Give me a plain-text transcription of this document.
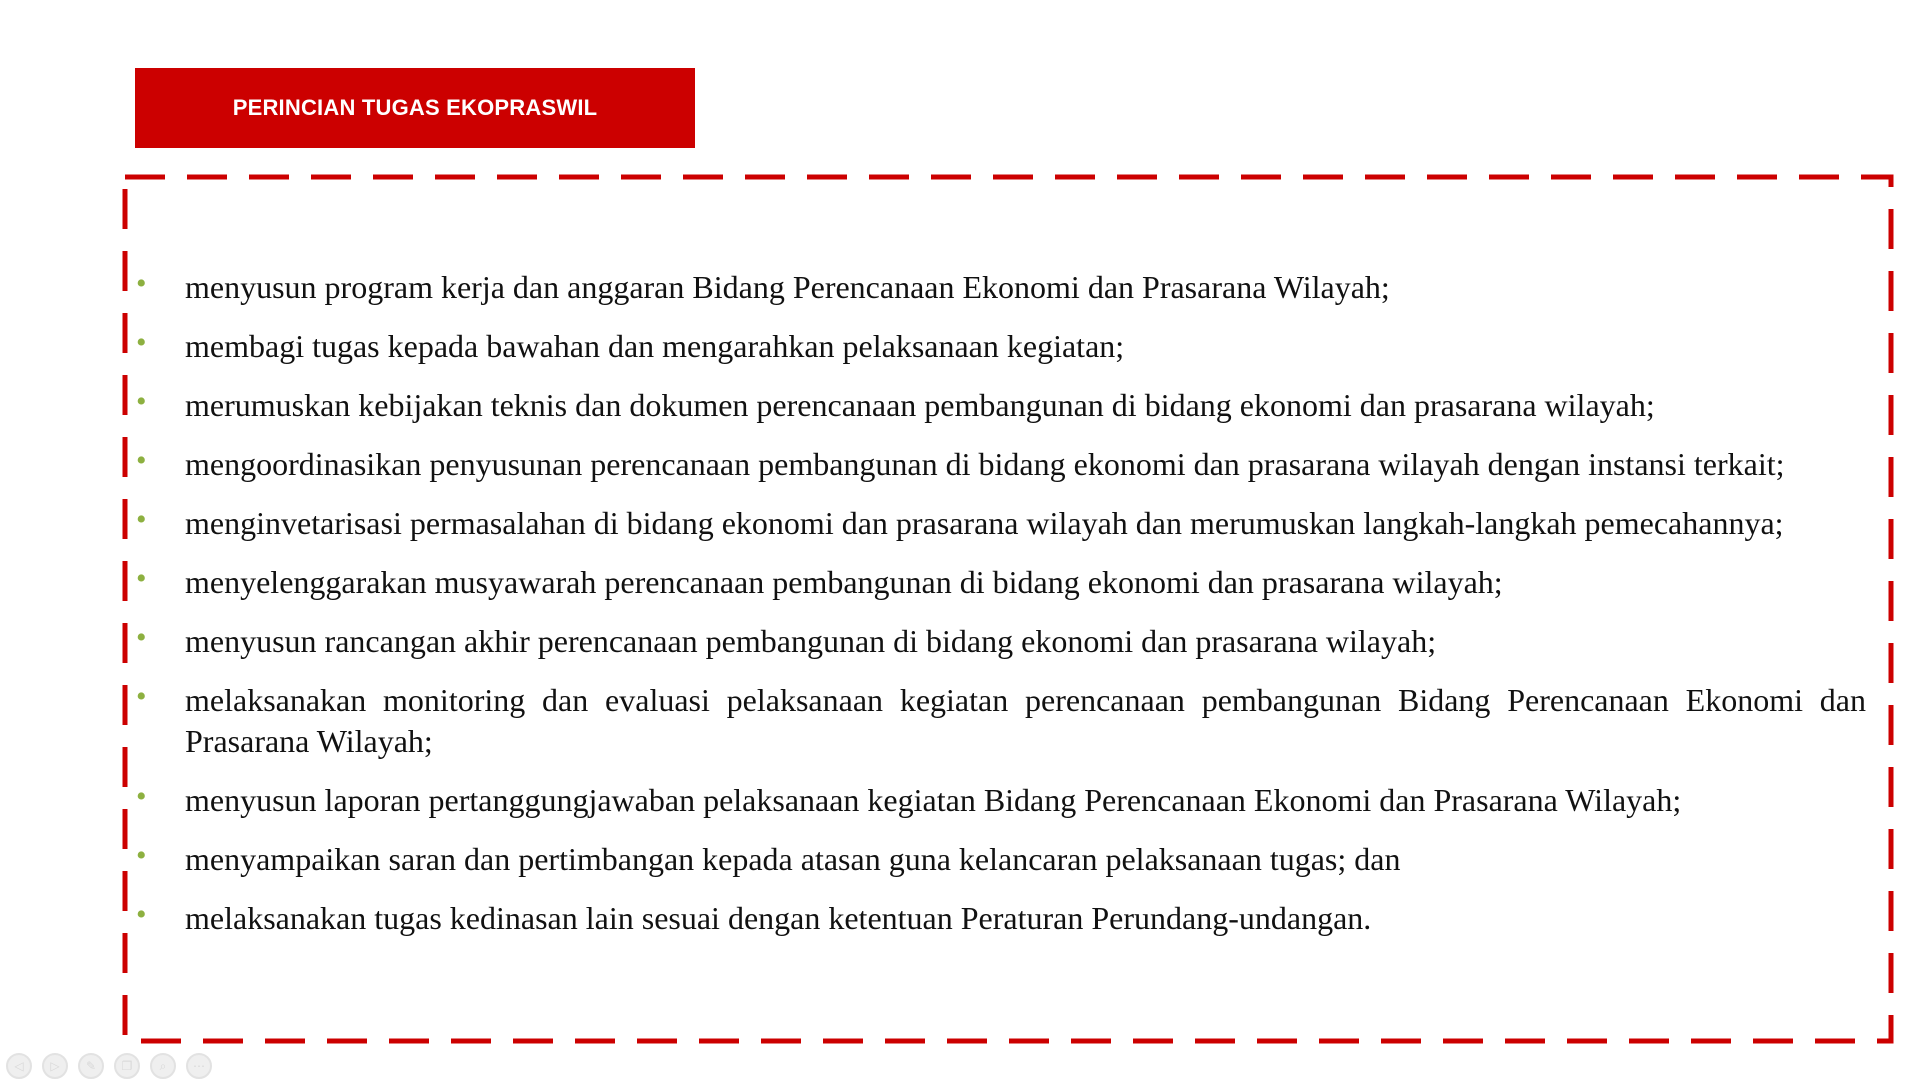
PERINCIAN TUGAS EKOPRASWIL
• menyusun program kerja dan anggaran Bidang Perencanaan Ekonomi dan Prasarana Wilayah;
• membagi tugas kepada bawahan dan mengarahkan pelaksanaan kegiatan;
• merumuskan kebijakan teknis dan dokumen perencanaan pembangunan di bidang ekonomi dan prasarana wilayah;
• mengoordinasikan penyusunan perencanaan pembangunan di bidang ekonomi dan prasarana wilayah dengan instansi terkait;
• menginvetarisasi permasalahan di bidang ekonomi dan prasarana wilayah dan merumuskan langkah-langkah pemecahannya;
• menyelenggarakan musyawarah perencanaan pembangunan di bidang ekonomi dan prasarana wilayah;
• menyusun rancangan akhir perencanaan pembangunan di bidang ekonomi dan prasarana wilayah;
• melaksanakan monitoring dan evaluasi pelaksanaan kegiatan perencanaan pembangunan Bidang Perencanaan Ekonomi dan Prasarana Wilayah;
• menyusun laporan pertanggungjawaban pelaksanaan kegiatan Bidang Perencanaan Ekonomi dan Prasarana Wilayah;
• menyampaikan saran dan pertimbangan kepada atasan guna kelancaran pelaksanaan tugas; dan
• melaksanakan tugas kedinasan lain sesuai dengan ketentuan Peraturan Perundang-undangan.
◁	▷	✎	❐	⌕	⋯
